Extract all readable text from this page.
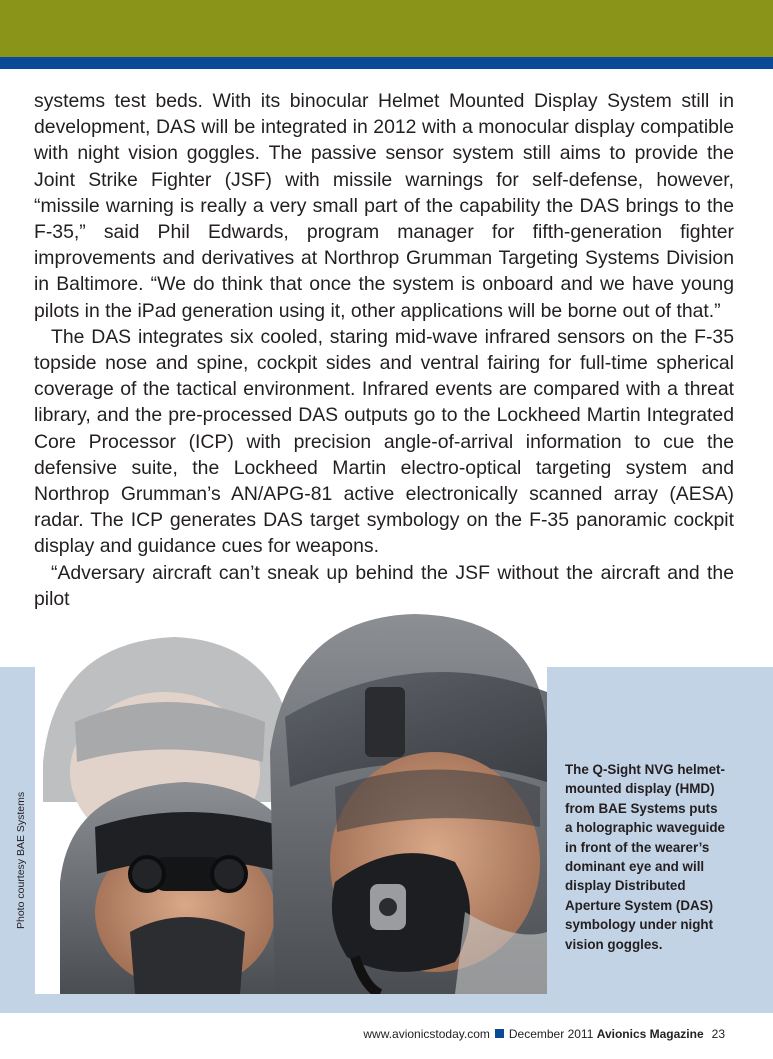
systems test beds. With its binocular Helmet Mounted Display System still in development, DAS will be integrated in 2012 with a monocular display compatible with night vision goggles. The passive sensor system still aims to provide the Joint Strike Fighter (JSF) with missile warnings for self-defense, however, “missile warning is really a very small part of the capability the DAS brings to the F-35,” said Phil Edwards, program manager for fifth-generation fighter improvements and derivatives at Northrop Grumman Targeting Systems Division in Baltimore. “We do think that once the system is onboard and we have young pilots in the iPad generation using it, other applications will be borne out of that.”

The DAS integrates six cooled, staring mid-wave infrared sensors on the F-35 topside nose and spine, cockpit sides and ventral fairing for full-time spherical coverage of the tactical environment. Infrared events are compared with a threat library, and the pre-processed DAS outputs go to the Lockheed Martin Integrated Core Processor (ICP) with precision angle-of-arrival information to cue the defensive suite, the Lockheed Martin electro-optical targeting system and Northrop Grumman’s AN/APG-81 active electronically scanned array (AESA) radar. The ICP generates DAS target symbology on the F-35 panoramic cockpit display and guidance cues for weapons.

“Adversary aircraft can’t sneak up behind the JSF without the aircraft and the pilot

Photo courtesy BAE Systems
The Q-Sight NVG helmet-mounted display (HMD) from BAE Systems puts a holographic waveguide in front of the wearer’s dominant eye and will display Distributed Aperture System (DAS) symbology under night vision goggles.
www.avionicstoday.com December 2011 Avionics Magazine 23
